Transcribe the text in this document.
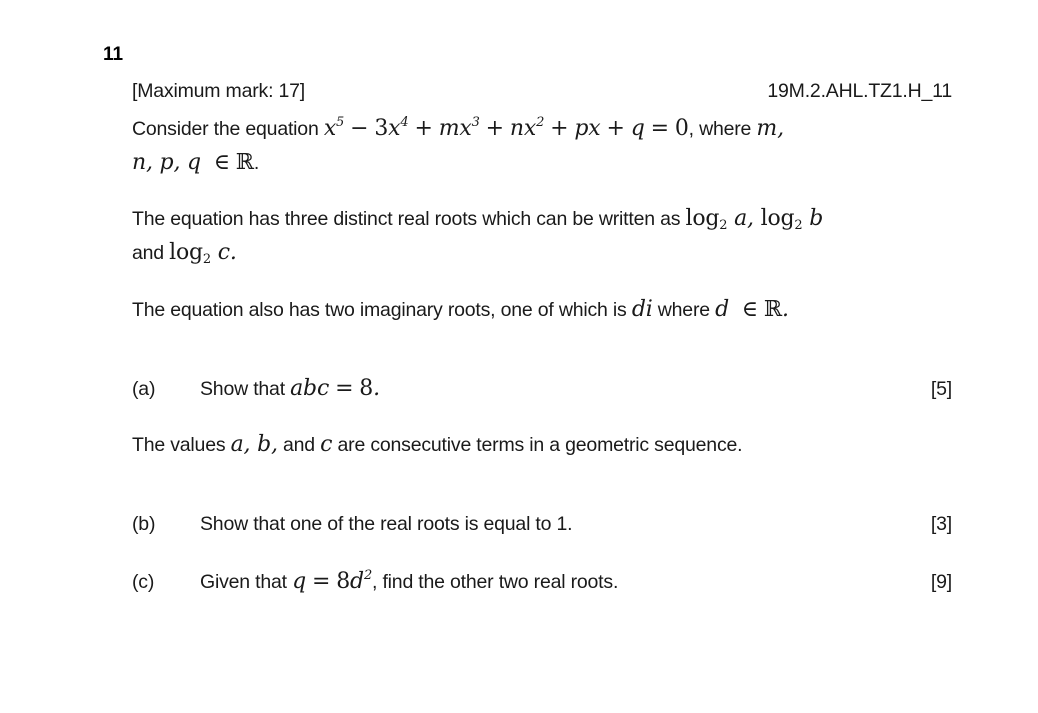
11
[Maximum mark: 17]	19M.2.AHL.TZ1.H_11
Consider the equation $x^5 - 3x^4 + mx^3 + nx^2$ + px + q = 0, where m,
n, p, q ∈ ℝ.
The equation has three distinct real roots which can be written as $\log_2 a$, $\log_2 b$
and $\log_2 c$.
The equation also has two imaginary roots, one of which is di where d ∈ ℝ.
(a) Show that abc = 8.	[5]
The values a, b, and c are consecutive terms in a geometric sequence.
(b) Show that one of the real roots is equal to 1.	[3]
(c) Given that $q = 8d^2$, find the other two real roots.	[9]
